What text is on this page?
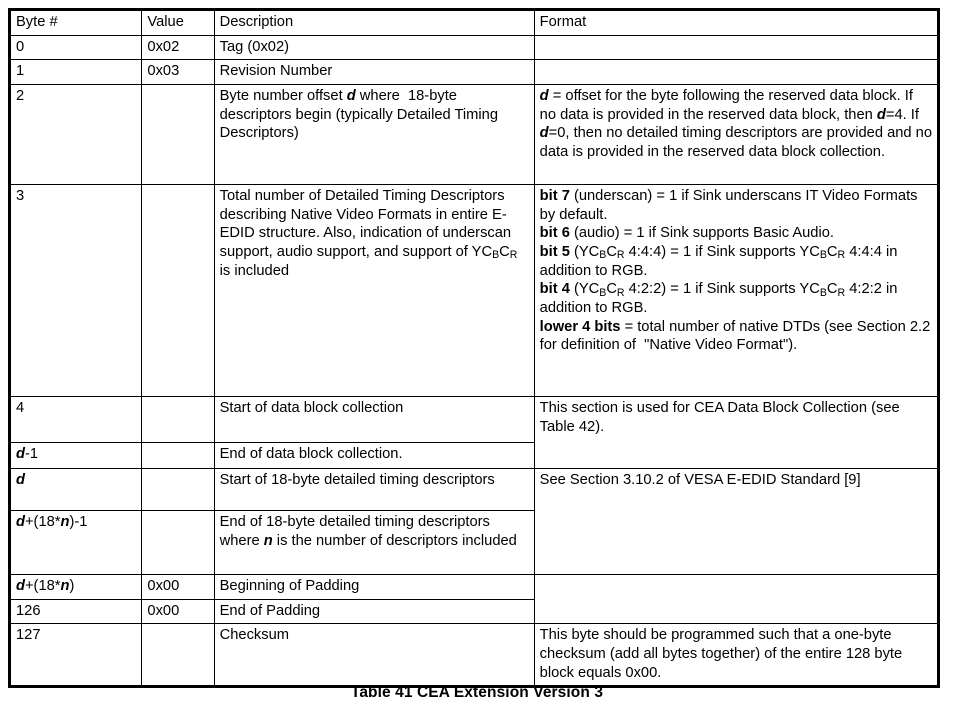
Byte #	Value	Description	Format
0	0x02	Tag (0x02)	
1	0x03	Revision Number	
2		Byte number offset d where  18-byte descriptors begin (typically Detailed Timing Descriptors)	d = offset for the byte following the reserved data block. If no data is provided in the reserved data block, then d=4. If d=0, then no detailed timing descriptors are provided and no data is provided in the reserved data block collection.
3		Total number of Detailed Timing Descriptors describing Native Video Formats in entire E-EDID structure. Also, indication of underscan support, audio support, and support of $YC_BC_R$ is included	bit 7 (underscan) = 1 if Sink underscans IT Video Formats by default.
bit 6 (audio) = 1 if Sink supports Basic Audio.
bit 5 ($YC_BC_R$ 4:4:4) = 1 if Sink supports $YC_BC_R$ 4:4:4 in addition to RGB.
bit 4 ($YC_BC_R$ 4:2:2) = 1 if Sink supports $YC_BC_R$ 4:2:2 in addition to RGB.
lower 4 bits = total number of native DTDs (see Section 2.2 for definition of  "Native Video Format").
4		Start of data block collection	This section is used for CEA Data Block Collection (see Table 42).
d-1		End of data block collection.	
d		Start of 18-byte detailed timing descriptors	See Section 3.10.2 of VESA E-EDID Standard [9]
d+(18*n)-1		End of 18-byte detailed timing descriptors where n is the number of descriptors included	
d+(18*n)	0x00	Beginning of Padding	
126	0x00	End of Padding	
127		Checksum	This byte should be programmed such that a one-byte checksum (add all bytes together) of the entire 128 byte block equals 0x00.
Table 41 CEA Extension Version 3
